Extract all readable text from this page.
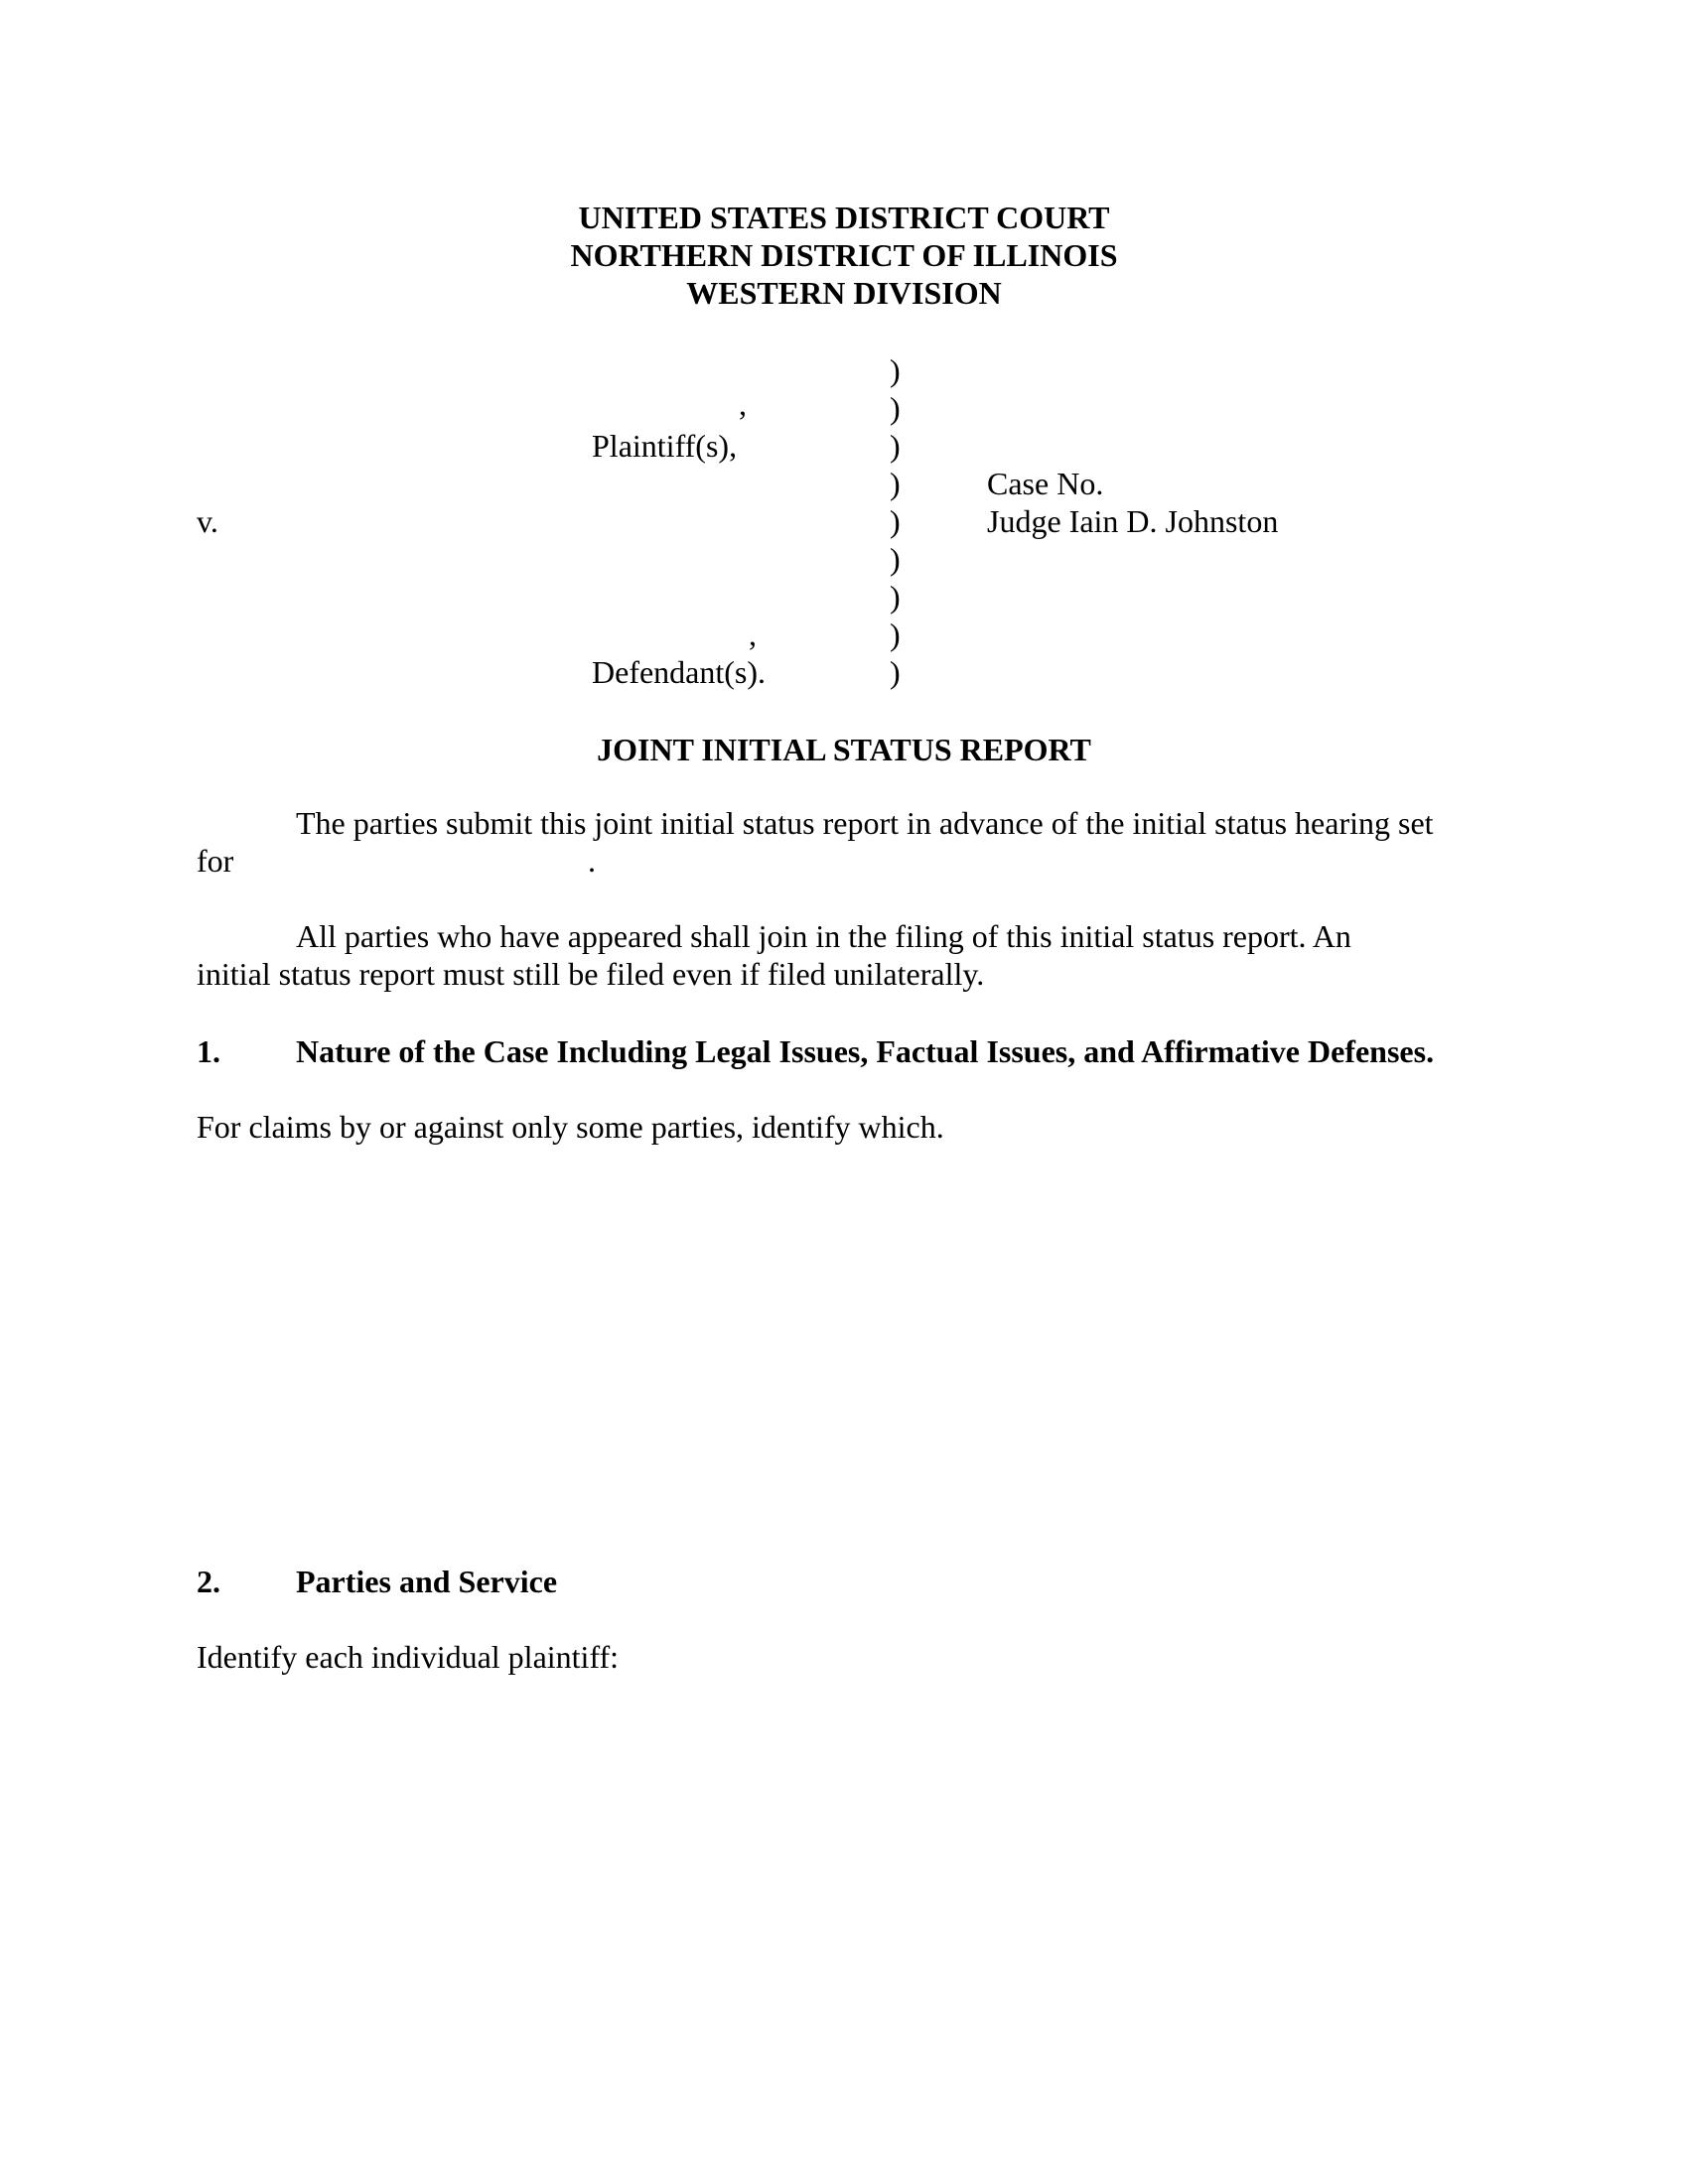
UNITED STATES DISTRICT COURT
NORTHERN DISTRICT OF ILLINOIS
WESTERN DIVISION
,
Plaintiff(s),
v.
,
Defendant(s).
)
)
)
)
)
)
)
)
)
Case No.
Judge Iain D. Johnston
JOINT INITIAL STATUS REPORT
The parties submit this joint initial status report in advance of the initial status hearing set
for	.
All parties who have appeared shall join in the filing of this initial status report. An
initial status report must still be filed even if filed unilaterally.
1. Nature of the Case Including Legal Issues, Factual Issues, and Affirmative Defenses.
For claims by or against only some parties, identify which.
2. Parties and Service
Identify each individual plaintiff:
